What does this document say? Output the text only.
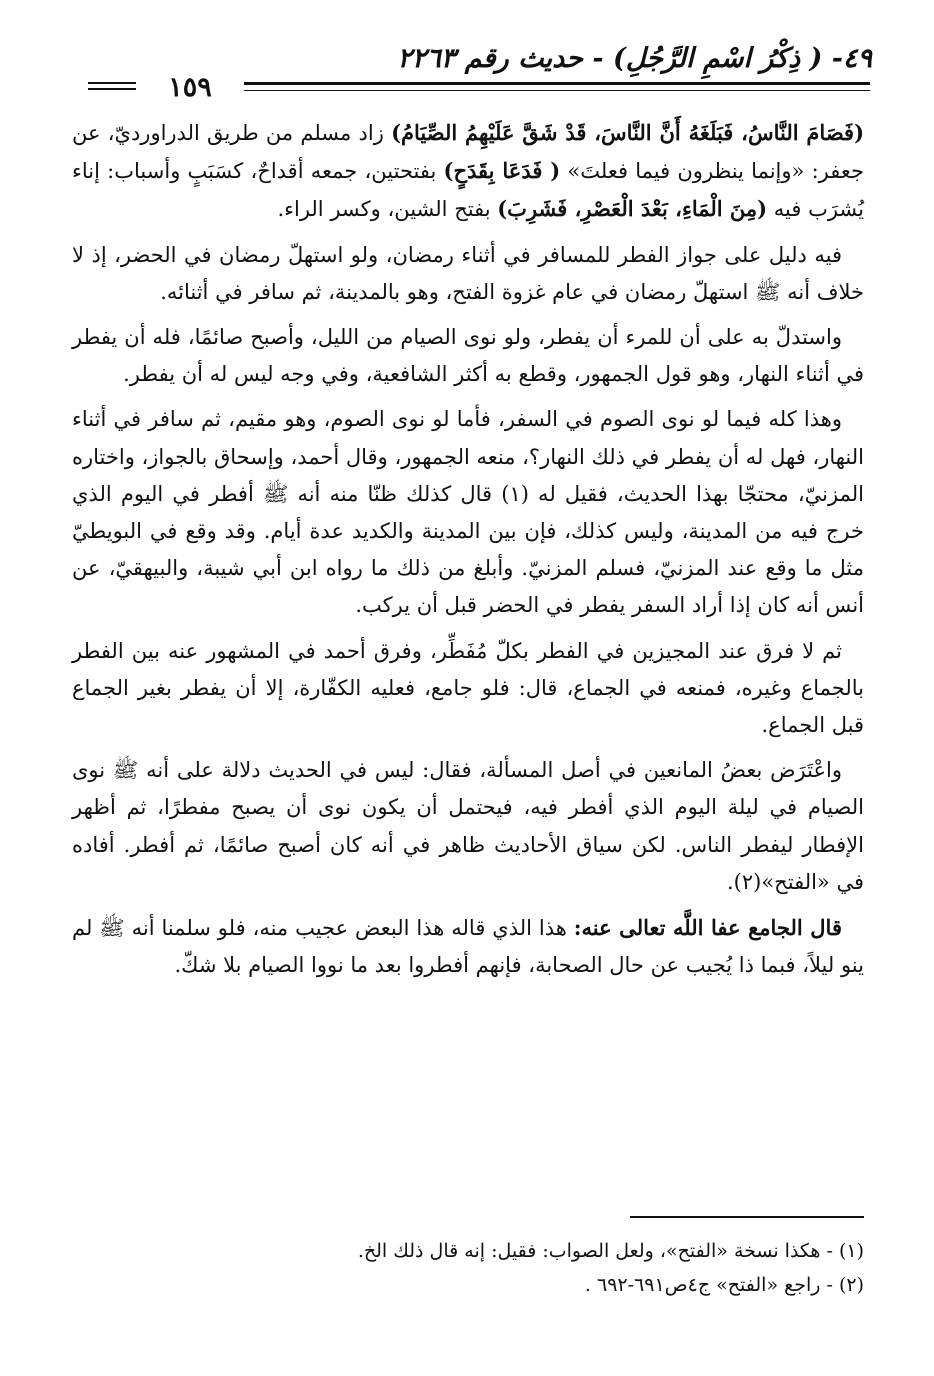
٤٩- ( ذِكْرُ اسْمِ الرَّجُلِ) - حديث رقم ٢٢٦٣
١٥٩

(فَصَامَ النَّاسُ، فَبَلَغَهُ أَنَّ النَّاسَ، قَدْ شَقَّ عَلَيْهِمُ الصِّيَامُ) زاد مسلم من طريق الدراورديّ، عن جعفر: «وإنما ينظرون فيما فعلتَ» ( فَدَعَا بِقَدَحٍ) بفتحتين، جمعه أقداحٌ، كسَبَبٍ وأسباب: إناء يُشرَب فيه (مِنَ الْمَاءِ، بَعْدَ الْعَصْرِ، فَشَرِبَ) بفتح الشين، وكسر الراء.

فيه دليل على جواز الفطر للمسافر في أثناء رمضان، ولو استهلّ رمضان في الحضر، إذ لا خلاف أنه ﷺ استهلّ رمضان في عام غزوة الفتح، وهو بالمدينة، ثم سافر في أثنائه.

واستدلّ به على أن للمرء أن يفطر، ولو نوى الصيام من الليل، وأصبح صائمًا، فله أن يفطر في أثناء النهار، وهو قول الجمهور، وقطع به أكثر الشافعية، وفي وجه ليس له أن يفطر.

وهذا كله فيما لو نوى الصوم في السفر، فأما لو نوى الصوم، وهو مقيم، ثم سافر في أثناء النهار، فهل له أن يفطر في ذلك النهار؟، منعه الجمهور، وقال أحمد، وإسحاق بالجواز، واختاره المزنيّ، محتجّا بهذا الحديث، فقيل له (١) قال كذلك ظنّا منه أنه ﷺ أفطر في اليوم الذي خرج فيه من المدينة، وليس كذلك، فإن بين المدينة والكديد عدة أيام. وقد وقع في البويطيّ مثل ما وقع عند المزنيّ، فسلم المزنيّ. وأبلغ من ذلك ما رواه ابن أبي شيبة، والبيهقيّ، عن أنس أنه كان إذا أراد السفر يفطر في الحضر قبل أن يركب.

ثم لا فرق عند المجيزين في الفطر بكلّ مُفَطِّر، وفرق أحمد في المشهور عنه بين الفطر بالجماع وغيره، فمنعه في الجماع، قال: فلو جامع، فعليه الكفّارة، إلا أن يفطر بغير الجماع قبل الجماع.

واعْتَرَض بعضُ المانعين في أصل المسألة، فقال: ليس في الحديث دلالة على أنه ﷺ نوى الصيام في ليلة اليوم الذي أفطر فيه، فيحتمل أن يكون نوى أن يصبح مفطرًا، ثم أظهر الإفطار ليفطر الناس. لكن سياق الأحاديث ظاهر في أنه كان أصبح صائمًا، ثم أفطر. أفاده في «الفتح»(٢).

قال الجامع عفا اللَّه تعالى عنه: هذا الذي قاله هذا البعض عجيب منه، فلو سلمنا أنه ﷺ لم ينو ليلاً، فبما ذا يُجيب عن حال الصحابة، فإنهم أفطروا بعد ما نووا الصيام بلا شكّ.

(١) - هكذا نسخة «الفتح»، ولعل الصواب: فقيل: إنه قال ذلك الخ.
(٢) - راجع «الفتح» ج٤ص٦٩١-٦٩٢ .
